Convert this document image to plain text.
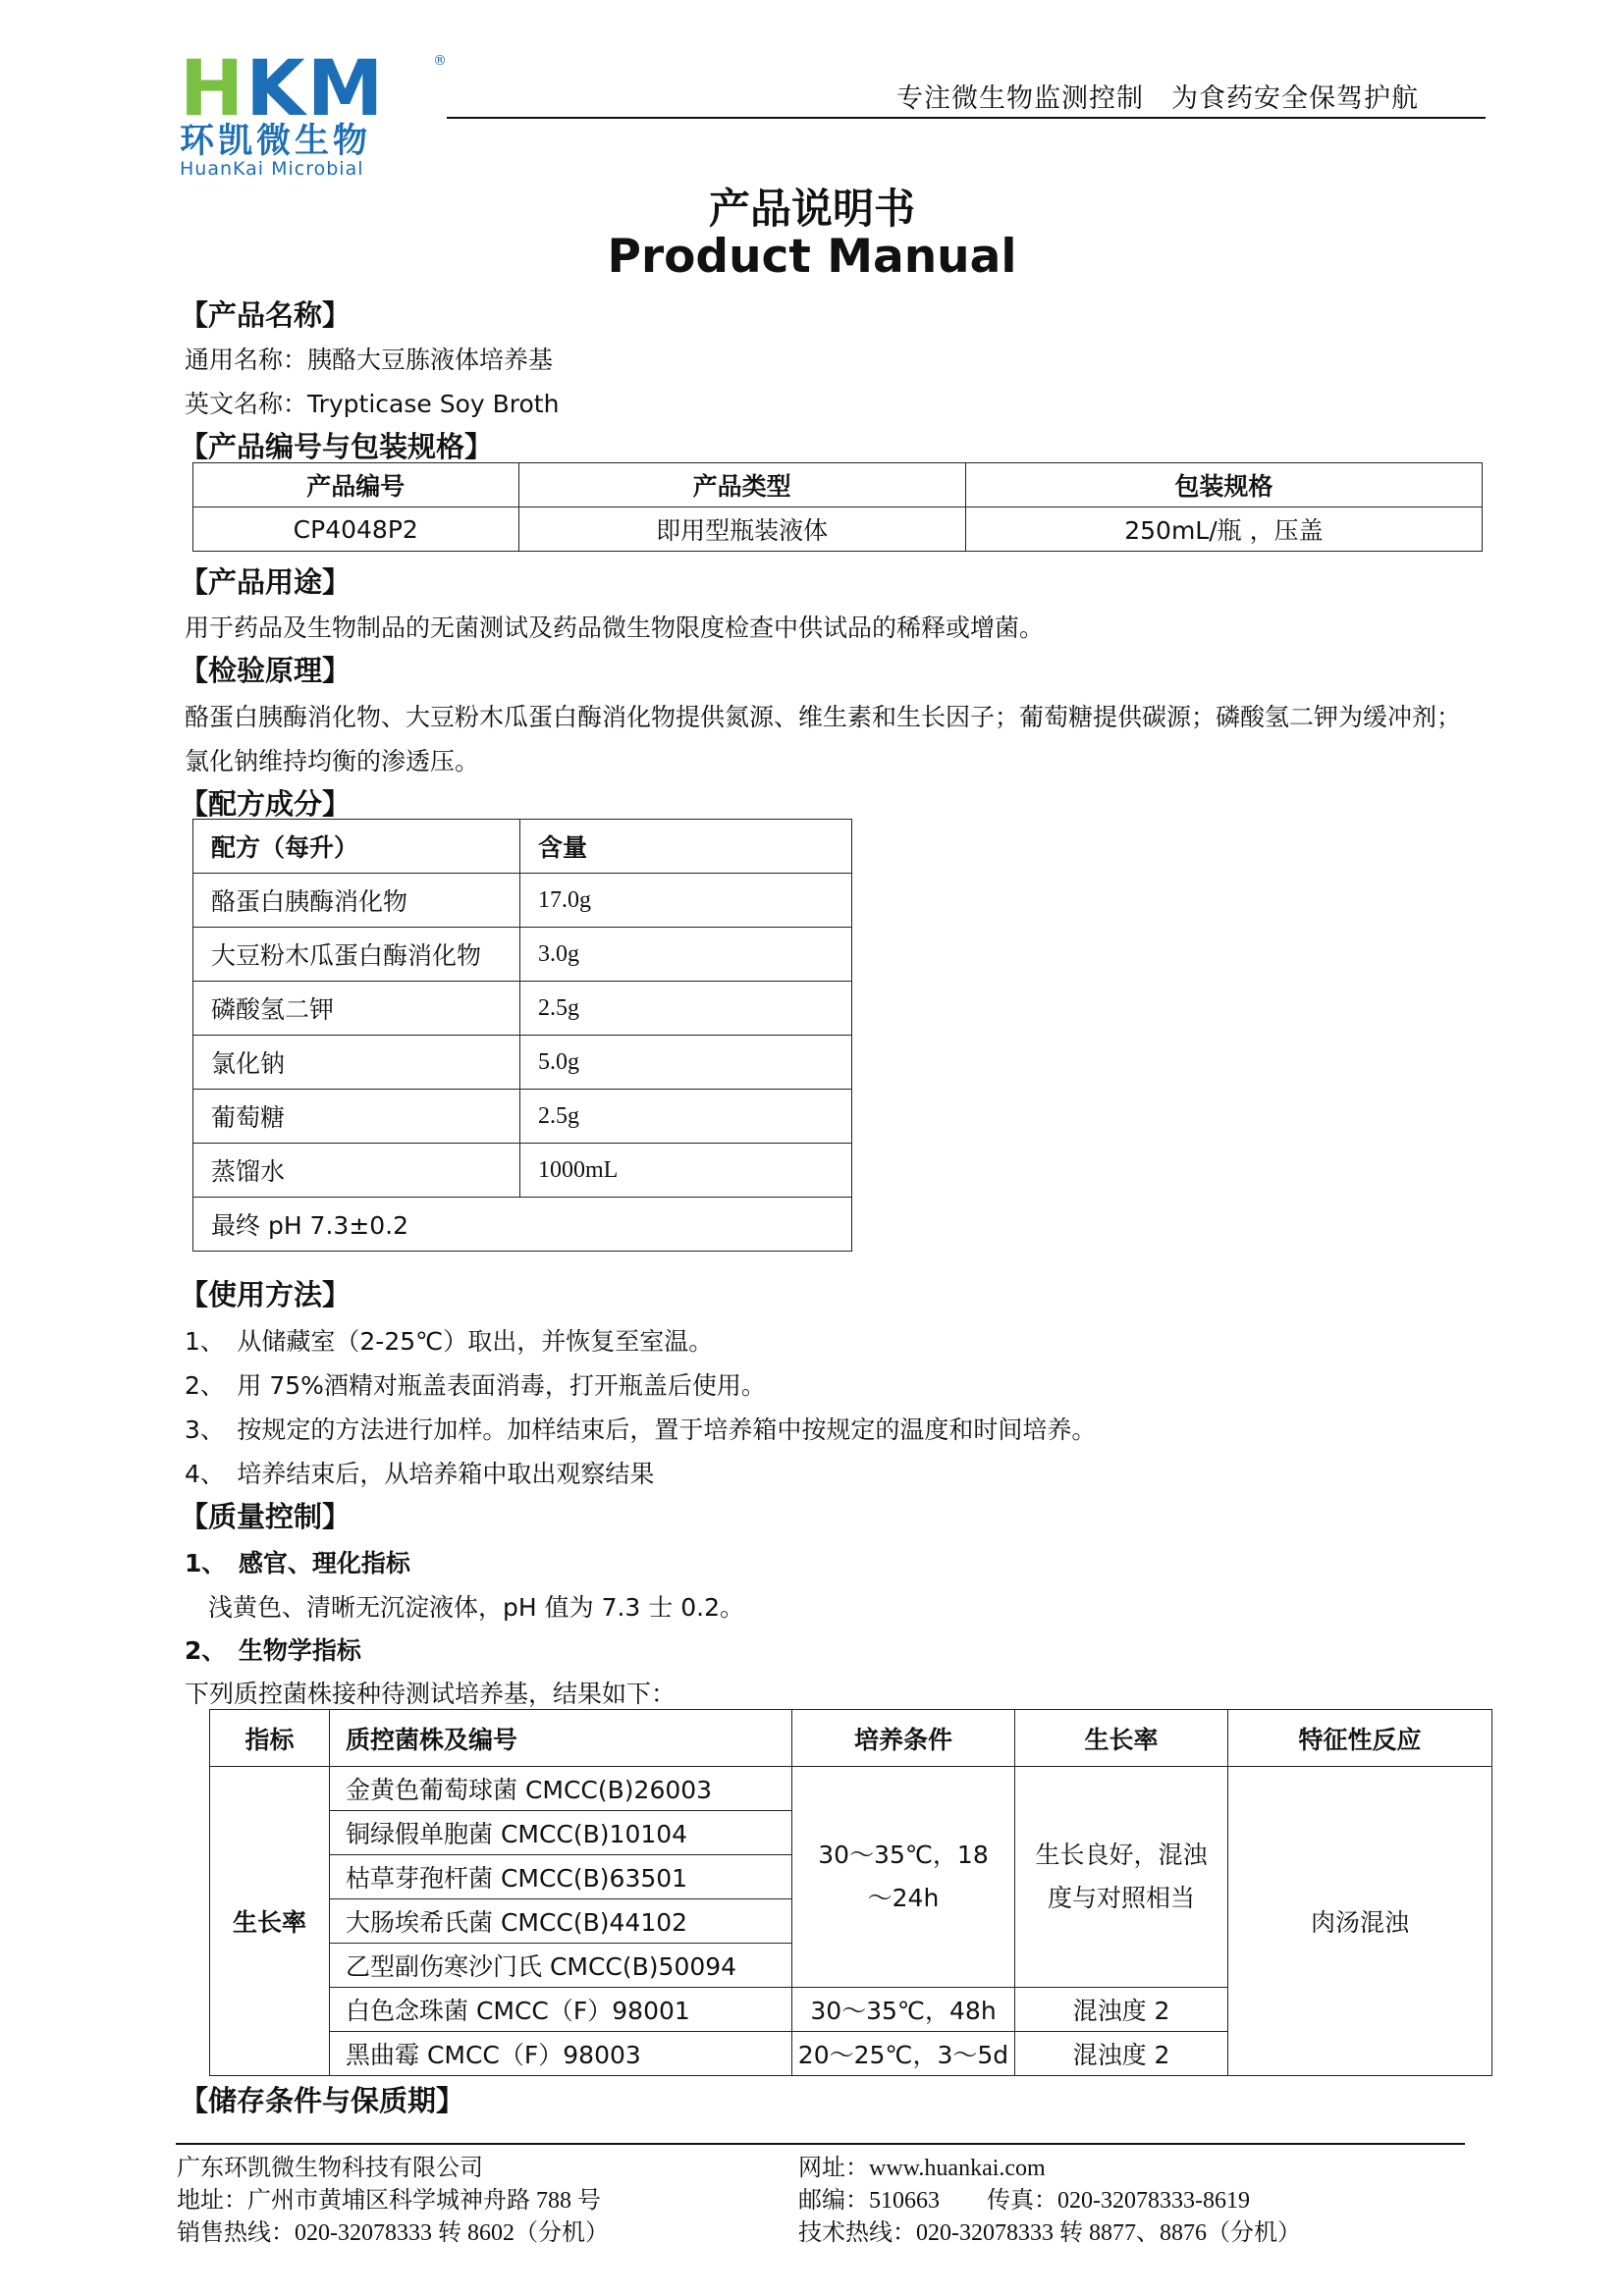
HKM	®
环凯微生物
HuanKai Microbial
专注微生物监测控制　为食药安全保驾护航
产品说明书
Product Manual
【产品名称】
通用名称：胰酪大豆胨液体培养基
英文名称：Trypticase Soy Broth
【产品编号与包装规格】
产品编号	产品类型	包装规格
CP4048P2	即用型瓶装液体	250mL/瓶 ，压盖
【产品用途】
用于药品及生物制品的无菌测试及药品微生物限度检查中供试品的稀释或增菌。
【检验原理】
酪蛋白胰酶消化物、大豆粉木瓜蛋白酶消化物提供氮源、维生素和生长因子；葡萄糖提供碳源；磷酸氢二钾为缓冲剂；
氯化钠维持均衡的渗透压。
【配方成分】
配方（每升）	含量
酪蛋白胰酶消化物	17.0g
大豆粉木瓜蛋白酶消化物	3.0g
磷酸氢二钾	2.5g
氯化钠	5.0g
葡萄糖	2.5g
蒸馏水	1000mL
最终 pH 7.3±0.2	
【使用方法】
1、　从储藏室（2-25℃）取出，并恢复至室温。
2、　用 75%酒精对瓶盖表面消毒，打开瓶盖后使用。
3、　按规定的方法进行加样。加样结束后，置于培养箱中按规定的温度和时间培养。
4、　培养结束后，从培养箱中取出观察结果
【质量控制】
1、　感官、理化指标
浅黄色、清晰无沉淀液体，pH 值为 7.3 士 0.2。
2、　生物学指标
下列质控菌株接种待测试培养基，结果如下：
指标	质控菌株及编号	培养条件	生长率	特征性反应
生长率	金黄色葡萄球菌 CMCC(B)26003	30～35℃，18～24h	生长良好，混浊度与对照相当	肉汤混浊
	铜绿假单胞菌 CMCC(B)10104			
	枯草芽孢杆菌 CMCC(B)63501			
	大肠埃希氏菌 CMCC(B)44102			
	乙型副伤寒沙门氏 CMCC(B)50094			
	白色念珠菌 CMCC（F）98001	30～35℃，48h	混浊度 2	
	黑曲霉 CMCC（F）98003	20～25℃，3～5d	混浊度 2	
【储存条件与保质期】
广东环凯微生物科技有限公司	网址：www.huankai.com
地址：广州市黄埔区科学城神舟路 788 号	邮编：510663　　传真：020-32078333-8619
销售热线：020-32078333 转 8602（分机）	技术热线：020-32078333 转 8877、8876（分机）
